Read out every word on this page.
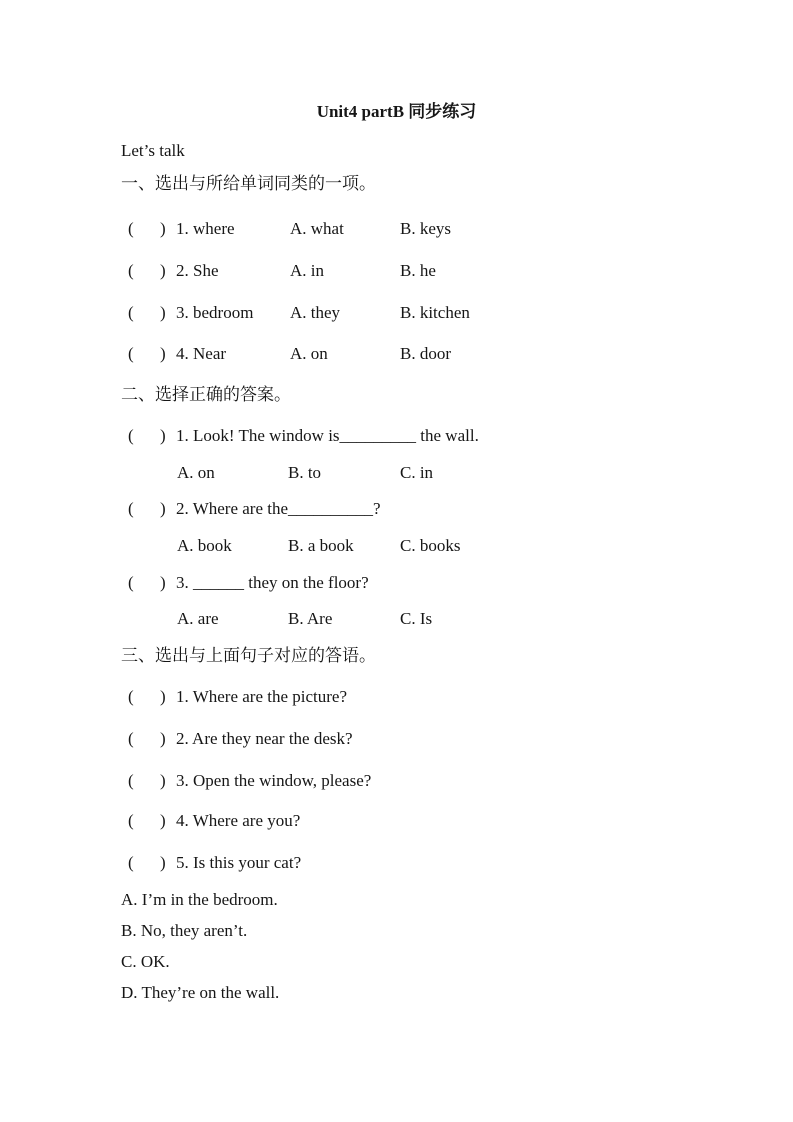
Unit4 partB 同步练习
Let’s talk
一、选出与所给单词同类的一项。
( ) 1. where	A. what	B. keys
( ) 2. She	A. in	B. he
( ) 3. bedroom A. they	B. kitchen
( ) 4. Near	A. on	B. door
二、选择正确的答案。
( ) 1. Look! The window is_________ the wall.
A. on	B. to	C. in
( ) 2. Where are the__________?
A. book	B. a book	C. books
( ) 3. ______ they on the floor?
A. are	B. Are	C. Is
三、选出与上面句子对应的答语。
( ) 1. Where are the picture?
( ) 2. Are they near the desk?
( ) 3. Open the window, please?
( ) 4. Where are you?
( ) 5. Is this your cat?
A. I’m in the bedroom.
B. No, they aren’t.
C. OK.
D. They’re on the wall.
